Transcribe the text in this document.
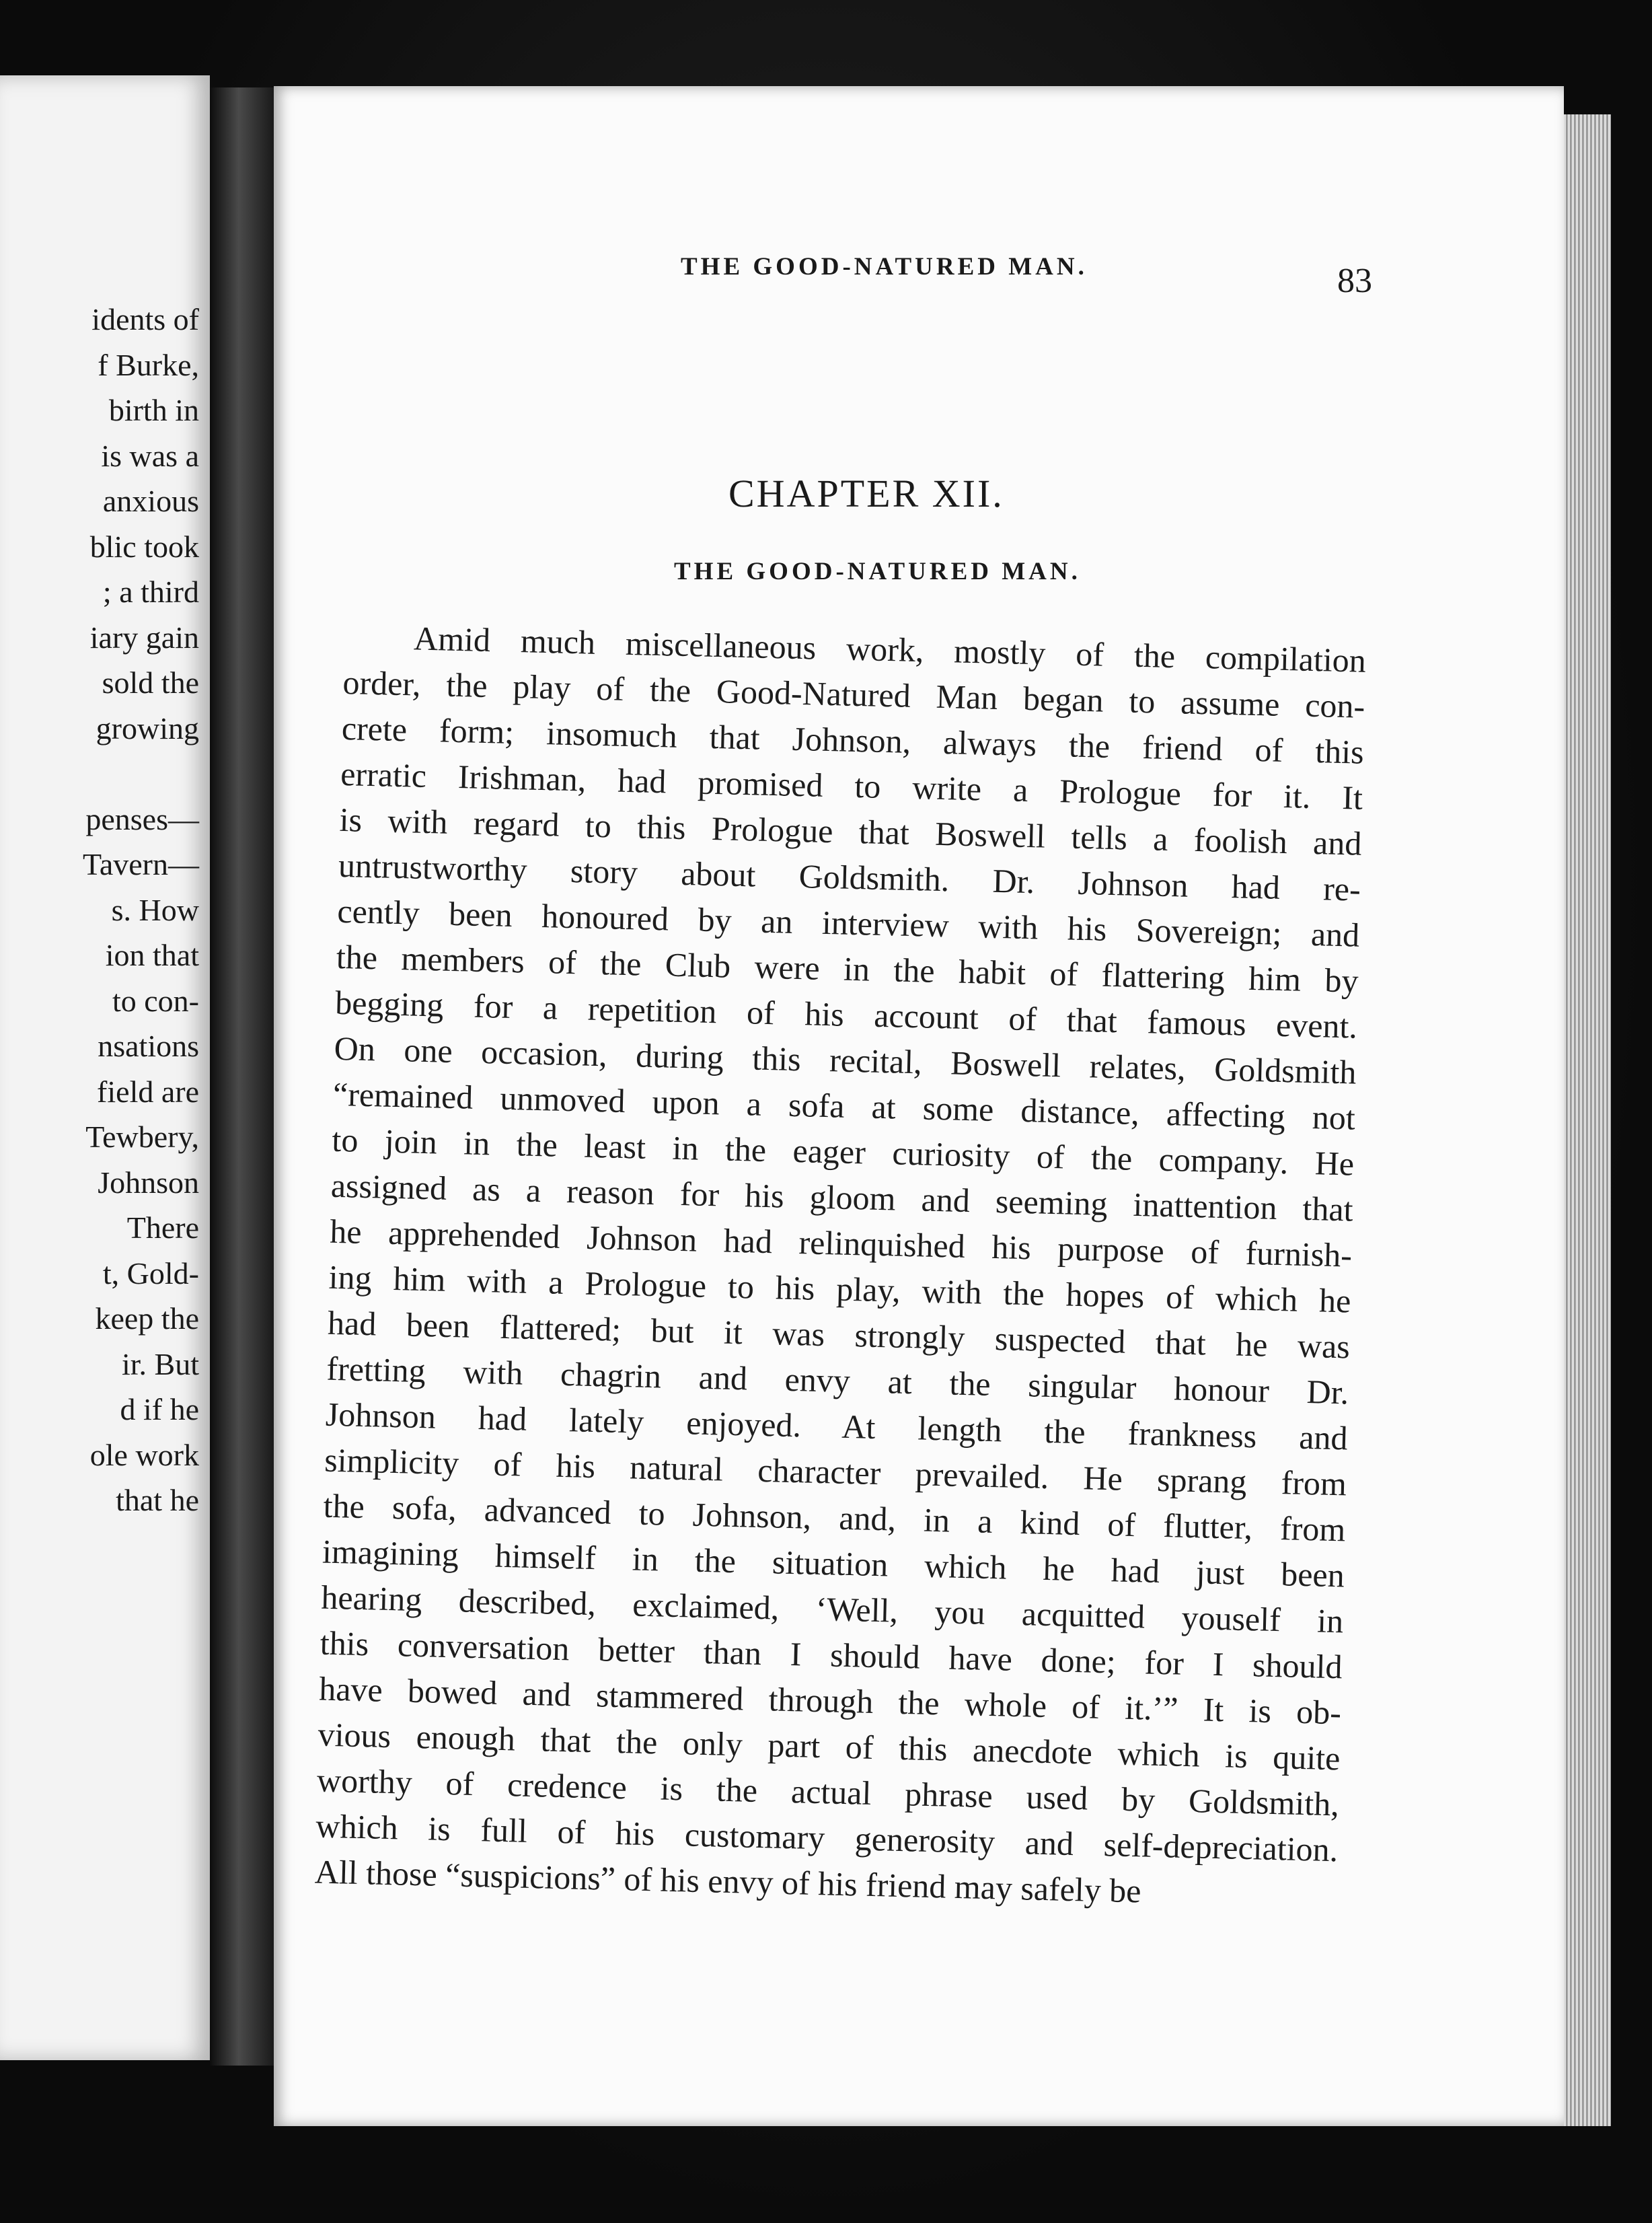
idents of
f Burke,
birth in
is was a
anxious
blic took
; a third
iary gain
sold the
growing
penses—
Tavern—
s. How
ion that
to con-
nsations
field are
Tewbery,
Johnson
There
t, Gold-
keep the
ir. But
d if he
ole work
that he
THE GOOD-NATURED MAN.	83
CHAPTER XII.
THE GOOD-NATURED MAN.
Amid much miscellaneous work, mostly of the compilation
order, the play of the Good-Natured Man began to assume con-
crete form; insomuch that Johnson, always the friend of this
erratic Irishman, had promised to write a Prologue for it. It
is with regard to this Prologue that Boswell tells a foolish and
untrustworthy story about Goldsmith. Dr. Johnson had re-
cently been honoured by an interview with his Sovereign; and
the members of the Club were in the habit of flattering him by
begging for a repetition of his account of that famous event.
On one occasion, during this recital, Boswell relates, Goldsmith
“remained unmoved upon a sofa at some distance, affecting not
to join in the least in the eager curiosity of the company. He
assigned as a reason for his gloom and seeming inattention that
he apprehended Johnson had relinquished his purpose of furnish-
ing him with a Prologue to his play, with the hopes of which he
had been flattered; but it was strongly suspected that he was
fretting with chagrin and envy at the singular honour Dr.
Johnson had lately enjoyed. At length the frankness and
simplicity of his natural character prevailed. He sprang from
the sofa, advanced to Johnson, and, in a kind of flutter, from
imagining himself in the situation which he had just been
hearing described, exclaimed, ‘Well, you acquitted youself in
this conversation better than I should have done; for I should
have bowed and stammered through the whole of it.’” It is ob-
vious enough that the only part of this anecdote which is quite
worthy of credence is the actual phrase used by Goldsmith,
which is full of his customary generosity and self-depreciation.
All those “suspicions” of his envy of his friend may safely be
